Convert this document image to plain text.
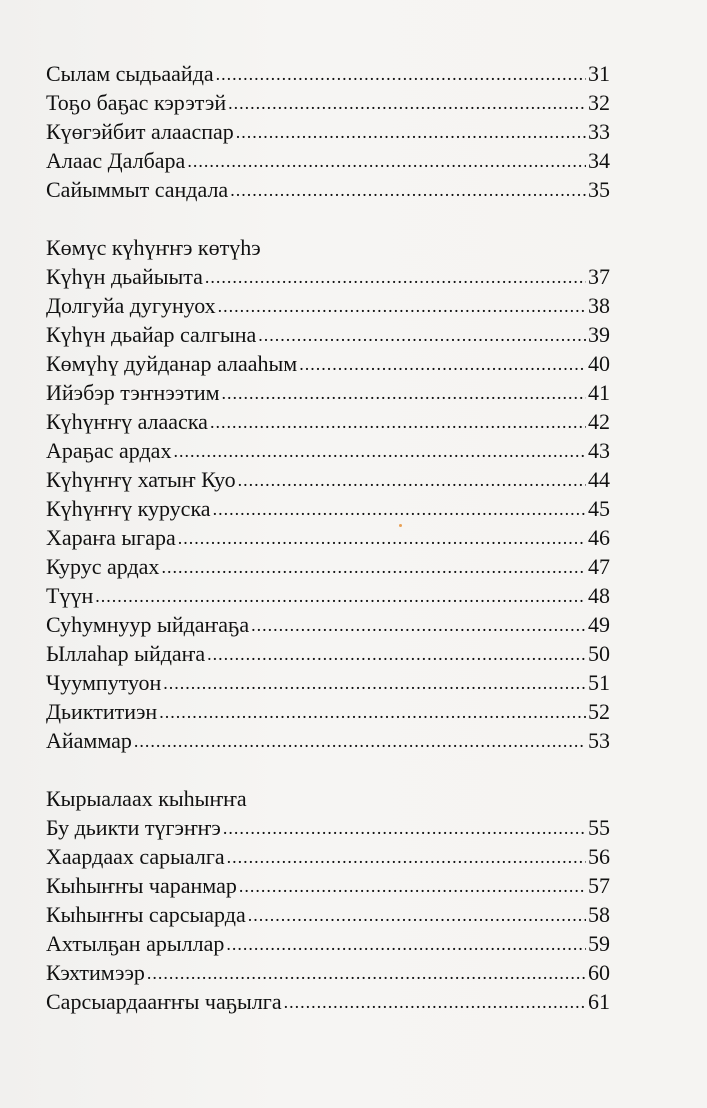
Сылам сыдьаайда .....	31
Тоҕо баҕас кэрэтэй .....	32
Күөгэйбит алааспар .....	33
Алаас Далбара .....	34
Сайыммыт сандала .....	35
Көмүс күһүҥҥэ көтүһэ
Күһүн дьайыыта .....	37
Долгуйа дугунуох .....	38
Күһүн дьайар салгына .....	39
Көмүһү дуйданар алааһым .....	40
Ийэбэр тэҥнээтим .....	41
Күһүҥҥү алааска .....	42
Араҕас ардах .....	43
Күһүҥҥү хатыҥ Куо .....	44
Күһүҥҥү куруска .....	45
Хараҥа ыгара .....	46
Курус ардах .....	47
Түүн .....	48
Суһумнуур ыйдаҥаҕа .....	49
Ыллаһар ыйдаҥа .....	50
Чуумпутуон .....	51
Дьиктитиэн .....	52
Айаммар .....	53
Кырыалаах кыһыҥҥа
Бу дьикти түгэҥҥэ .....	55
Хаардаах сарыалга .....	56
Кыһыҥҥы чаранмар .....	57
Кыһыҥҥы сарсыарда .....	58
Ахтылҕан арыллар .....	59
Кэхтимээр .....	60
Сарсыардааҥҥы чаҕылга .....	61
